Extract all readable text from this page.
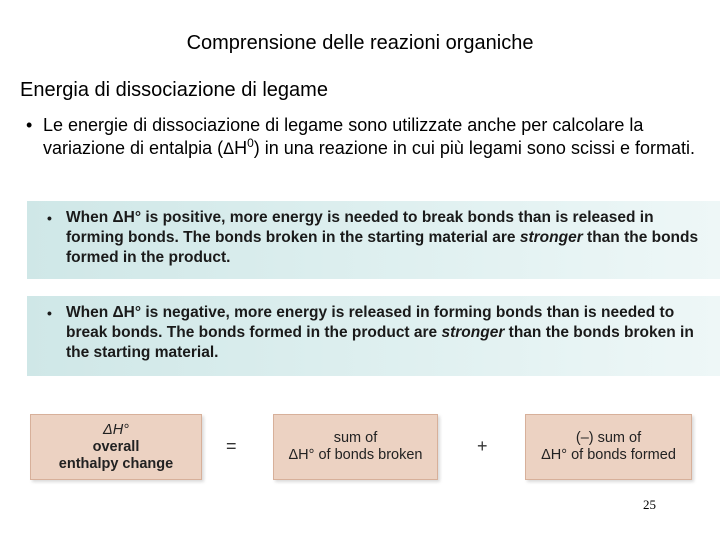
Comprensione delle reazioni organiche
Energia di dissociazione di legame
• Le energie di dissociazione di legame sono utilizzate anche per calcolare la variazione di entalpia $(\Delta H^0)$ in una reazione in cui più legami sono scissi e formati.
• When ΔH° is positive, more energy is needed to break bonds than is released in forming bonds. The bonds broken in the starting material are stronger than the bonds formed in the product.
• When ΔH° is negative, more energy is released in forming bonds than is needed to break bonds. The bonds formed in the product are stronger than the bonds broken in the starting material.
ΔH°
overall
enthalpy change
=	sum of
ΔH° of bonds broken	+	(–) sum of
ΔH° of bonds formed
25
